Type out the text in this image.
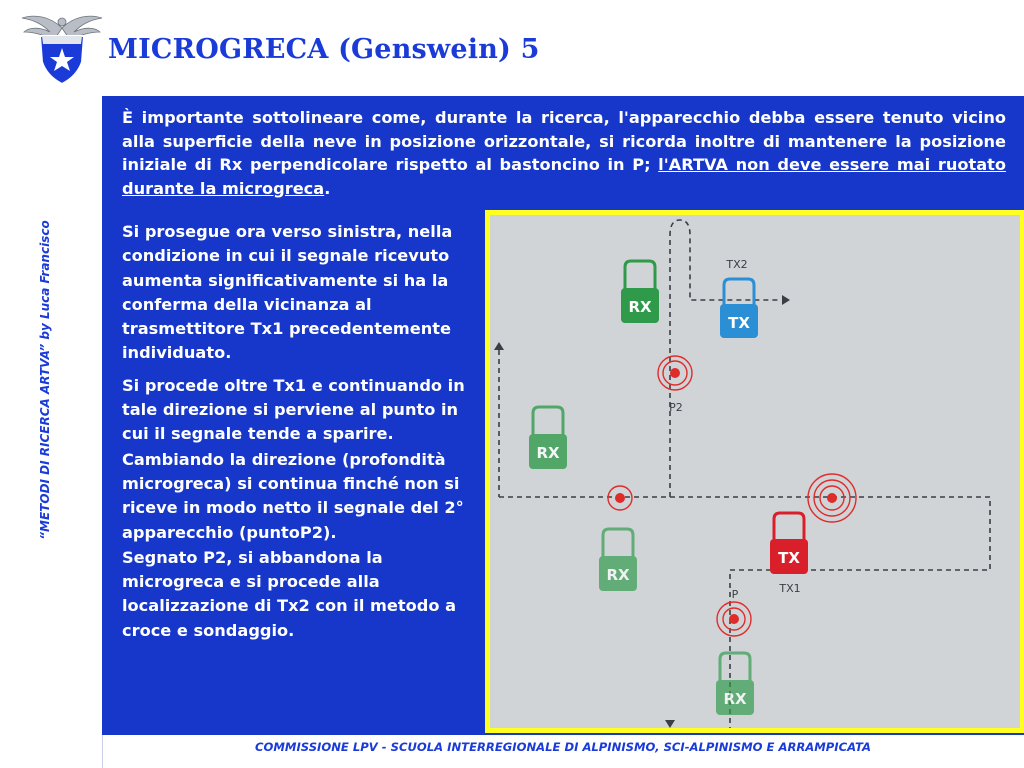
MICROGRECA (Genswein) 5
“METODI DI RICERCA ARTVA” by Luca Francisco

È importante sottolineare come, durante la ricerca, l'apparecchio debba essere tenuto vicino alla superficie della neve in posizione orizzontale, si ricorda inoltre di mantenere la posizione iniziale di Rx perpendicolare rispetto al bastoncino in P; l'ARTVA non deve essere mai ruotato durante la microgreca.

Si prosegue ora verso sinistra, nella condizione in cui il segnale ricevuto aumenta significativamente si ha la conferma della vicinanza al trasmettitore Tx1 precedentemente individuato.

Si procede oltre Tx1 e continuando in tale direzione si perviene al punto in cui il segnale tende a sparire.

Cambiando la direzione (profondità microgreca) si continua finché non si riceve in modo netto il segnale del 2° apparecchio (puntoP2).

Segnato P2, si abbandona la microgreca e si procede alla localizzazione di Tx2 con il metodo a croce e sondaggio.

RX
TX
TX2
RX
RX
TX
TX1
RX
P2
P

COMMISSIONE LPV - SCUOLA INTERREGIONALE DI ALPINISMO, SCI-ALPINISMO E ARRAMPICATA
